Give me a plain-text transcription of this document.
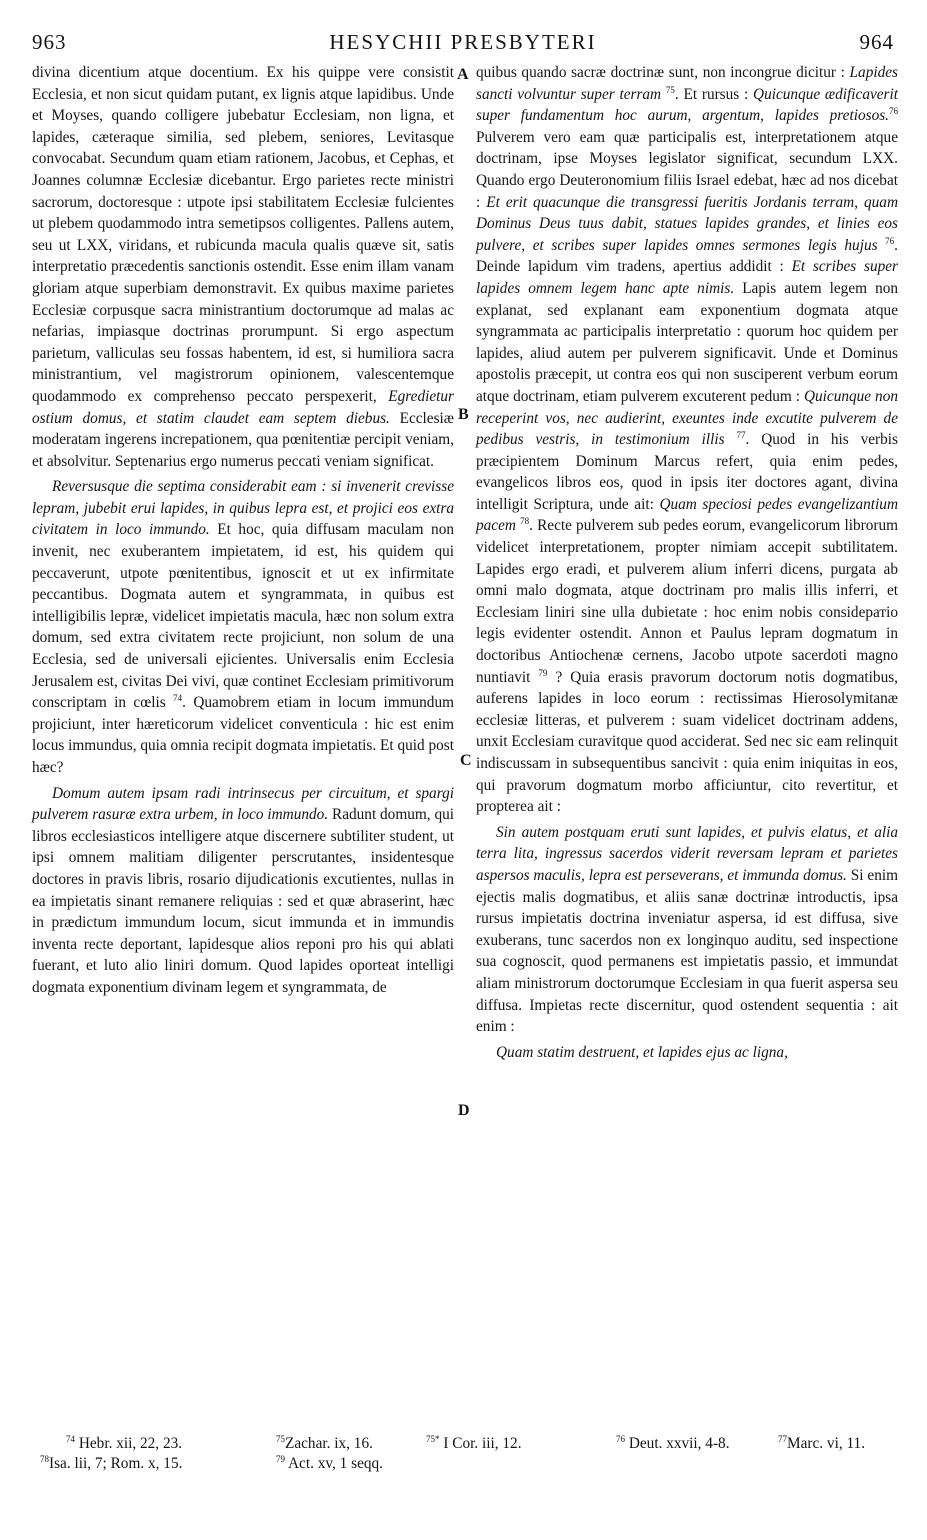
963	HESYCHII PRESBYTERI	964
A
B
C
D

divina dicentium atque docentium. Ex his quippe vere consistit Ecclesia, et non sicut quidam putant, ex lignis atque lapidibus. Unde et Moyses, quando colligere jubebatur Ecclesiam, non ligna, et lapides, cæteraque similia, sed plebem, seniores, Levitasque convocabat. Secundum quam etiam rationem, Jacobus, et Cephas, et Joannes columnæ Ecclesiæ dicebantur. Ergo parietes recte ministri sacrorum, doctoresque : utpote ipsi stabilitatem Ecclesiæ fulcientes ut plebem quodammodo intra semetipsos colligentes. Pallens autem, seu ut LXX, viridans, et rubicunda macula qualis quæve sit, satis interpretatio præcedentis sanctionis ostendit. Esse enim illam vanam gloriam atque superbiam demonstravit. Ex quibus maxime parietes Ecclesiæ corpusque sacra ministrantium doctorumque ad malas ac nefarias, impiasque doctrinas prorumpunt. Si ergo aspectum parietum, valliculas seu fossas habentem, id est, si humiliora sacra ministrantium, vel magistrorum opinionem, valescentemque quodammodo ex comprehenso peccato perspexerit, Egredietur ostium domus, et statim claudet eam septem diebus. Ecclesiæ moderatam ingerens increpationem, qua pœnitentiæ percipit veniam, et absolvitur. Septenarius ergo numerus peccati veniam significat.

Reversusque die septima considerabit eam : si invenerit crevisse lepram, jubebit erui lapides, in quibus lepra est, et projici eos extra civitatem in loco immundo. Et hoc, quia diffusam maculam non invenit, nec exuberantem impietatem, id est, his quidem qui peccaverunt, utpote pœnitentibus, ignoscit et ut ex infirmitate peccantibus. Dogmata autem et syngrammata, in quibus est intelligibilis lepræ, videlicet impietatis macula, hæc non solum extra domum, sed extra civitatem recte projiciunt, non solum de una Ecclesia, sed de universali ejicientes. Universalis enim Ecclesia Jerusalem est, civitas Dei vivi, quæ continet Ecclesiam primitivorum conscriptam in cœlis $^{74}$. Quamobrem etiam in locum immundum projiciunt, inter hæreticorum videlicet conventicula : hic est enim locus immundus, quia omnia recipit dogmata impietatis. Et quid post hæc?

Domum autem ipsam radi intrinsecus per circuitum, et spargi pulverem rasuræ extra urbem, in loco immundo. Radunt domum, qui libros ecclesiasticos intelligere atque discernere subtiliter student, ut ipsi omnem malitiam diligenter perscrutantes, insidentesque doctores in pravis libris, rosario dijudicationis excutientes, nullas in ea impietatis sinant remanere reliquias : sed et quæ abraserint, hæc in prædictum immundum locum, sicut immunda et in immundis inventa recte deportant, lapidesque alios reponi pro his qui ablati fuerant, et luto alio liniri domum. Quod lapides oporteat intelligi dogmata exponentium divinam legem et syngrammata, de

quibus quando sacræ doctrinæ sunt, non incongrue dicitur : Lapides sancti volvuntur super terram $^{75}$. Et rursus : Quicunque ædificaverit super fundamentum hoc aurum, argentum, lapides pretiosos.$^{76}$ Pulverem vero eam quæ participalis est, interpretationem atque doctrinam, ipse Moyses legislator significat, secundum LXX. Quando ergo Deuteronomium filiis Israel edebat, hæc ad nos dicebat : Et erit quacunque die transgressi fueritis Jordanis terram, quam Dominus Deus tuus dabit, statues lapides grandes, et linies eos pulvere, et scribes super lapides omnes sermones legis hujus $^{76}$. Deinde lapidum vim tradens, apertius addidit : Et scribes super lapides omnem legem hanc apte nimis. Lapis autem legem non explanat, sed explanant eam exponentium dogmata atque syngrammata ac participalis interpretatio : quorum hoc quidem per lapides, aliud autem per pulverem significavit. Unde et Dominus apostolis præcepit, ut contra eos qui non susciperent verbum eorum atque doctrinam, etiam pulverem excuterent pedum : Quicunque non receperint vos, nec audierint, exeuntes inde excutite pulverem de pedibus vestris, in testimonium illis $^{77}$. Quod in his verbis præcipientem Dominum Marcus refert, quia enim pedes, evangelicos libros eos, quod in ipsis iter doctores agant, divina intelligit Scriptura, unde ait: Quam speciosi pedes evangelizantium pacem $^{78}$. Recte pulverem sub pedes eorum, evangelicorum librorum videlicet interpretationem, propter nimiam accepit subtilitatem. Lapides ergo eradi, et pulverem alium inferri dicens, purgata ab omni malo dogmata, atque doctrinam pro malis illis inferri, et Ecclesiam liniri sine ulla dubietate : hoc enim nobis considератio legis evidenter ostendit. Annon et Paulus lepram dogmatum in doctoribus Antiochenæ cernens, Jacobo utpote sacerdoti magno nuntiavit $^{79}$ ? Quia erasis pravorum doctorum notis dogmatibus, auferens lapides in loco eorum : rectissimas Hierosolymitanæ ecclesiæ litteras, et pulverem : suam videlicet doctrinam addens, unxit Ecclesiam curavitque quod acciderat. Sed nec sic eam relinquit indiscussam in subsequentibus sancivit : quia enim iniquitas in eos, qui pravorum dogmatum morbo afficiuntur, cito revertitur, et propterea ait :

Sin autem postquam eruti sunt lapides, et pulvis elatus, et alia terra lita, ingressus sacerdos viderit reversam lepram et parietes aspersos maculis, lepra est perseverans, et immunda domus. Si enim ejectis malis dogmatibus, et aliis sanæ doctrinæ introductis, ipsa rursus impietatis doctrina inveniatur aspersa, id est diffusa, sive exuberans, tunc sacerdos non ex longinquo auditu, sed inspectione sua cognoscit, quod permanens est impietatis passio, et immundat aliam ministrorum doctorumque Ecclesiam in qua fuerit aspersa seu diffusa. Impietas recte discernitur, quod ostendent sequentia : ait enim :

Quam statim destruent, et lapides ejus ac ligna,

$^{74}$ Hebr. xii, 22, 23.	$^{75}$Zachar. ix, 16.	$^{75*}$ I Cor. iii, 12.	$^{76}$ Deut. xxvii, 4-8.	$^{77}$Marc. vi, 11.
$^{78}$Isa. lii, 7; Rom. x, 15.	$^{79}$ Act. xv, 1 seqq.
